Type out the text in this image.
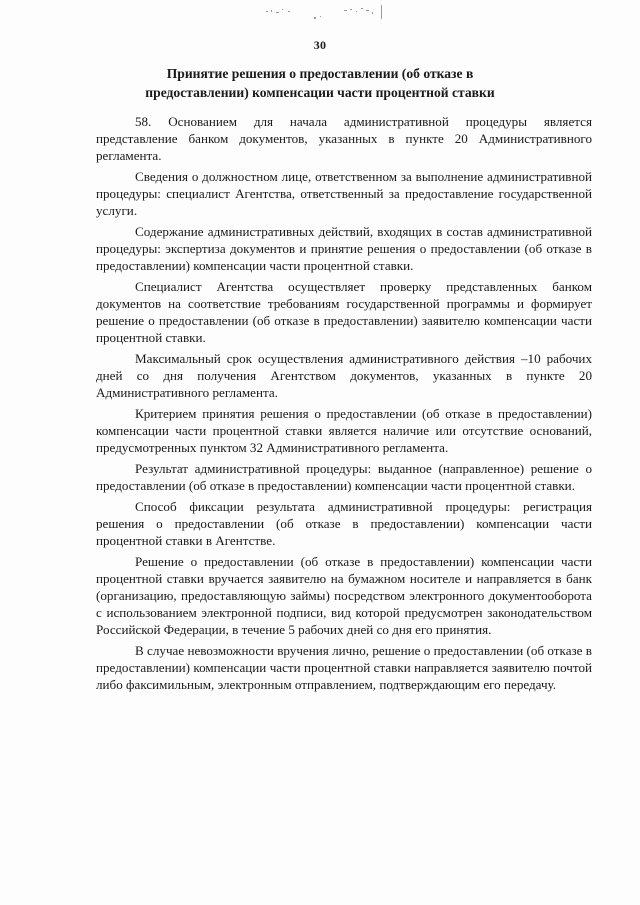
30
Принятие решения о предоставлении (об отказе в
предоставлении) компенсации части процентной ставки

58. Основанием для начала административной процедуры является представление банком документов, указанных в пункте 20 Административного регламента.

Сведения о должностном лице, ответственном за выполнение административной процедуры: специалист Агентства, ответственный за предоставление государственной услуги.

Содержание административных действий, входящих в состав административной процедуры: экспертиза документов и принятие решения о предоставлении (об отказе в предоставлении) компенсации части процентной ставки.

Специалист Агентства осуществляет проверку представленных банком документов на соответствие требованиям государственной программы и формирует решение о предоставлении (об отказе в предоставлении) заявителю компенсации части процентной ставки.

Максимальный срок осуществления административного действия –10 рабочих дней со дня получения Агентством документов, указанных в пункте 20 Административного регламента.

Критерием принятия решения о предоставлении (об отказе в предоставлении) компенсации части процентной ставки является наличие или отсутствие оснований, предусмотренных пунктом 32 Административного регламента.

Результат административной процедуры: выданное (направленное) решение о предоставлении (об отказе в предоставлении) компенсации части процентной ставки.

Способ фиксации результата административной процедуры: регистрация решения о предоставлении (об отказе в предоставлении) компенсации части процентной ставки в Агентстве.

Решение о предоставлении (об отказе в предоставлении) компенсации части процентной ставки вручается заявителю на бумажном носителе и направляется в банк (организацию, предоставляющую займы) посредством электронного документооборота с использованием электронной подписи, вид которой предусмотрен законодательством Российской Федерации, в течение 5 рабочих дней со дня его принятия.

В случае невозможности вручения лично, решение о предоставлении (об отказе в предоставлении) компенсации части процентной ставки направляется заявителю почтой либо факсимильным, электронным отправлением, подтверждающим его передачу.
